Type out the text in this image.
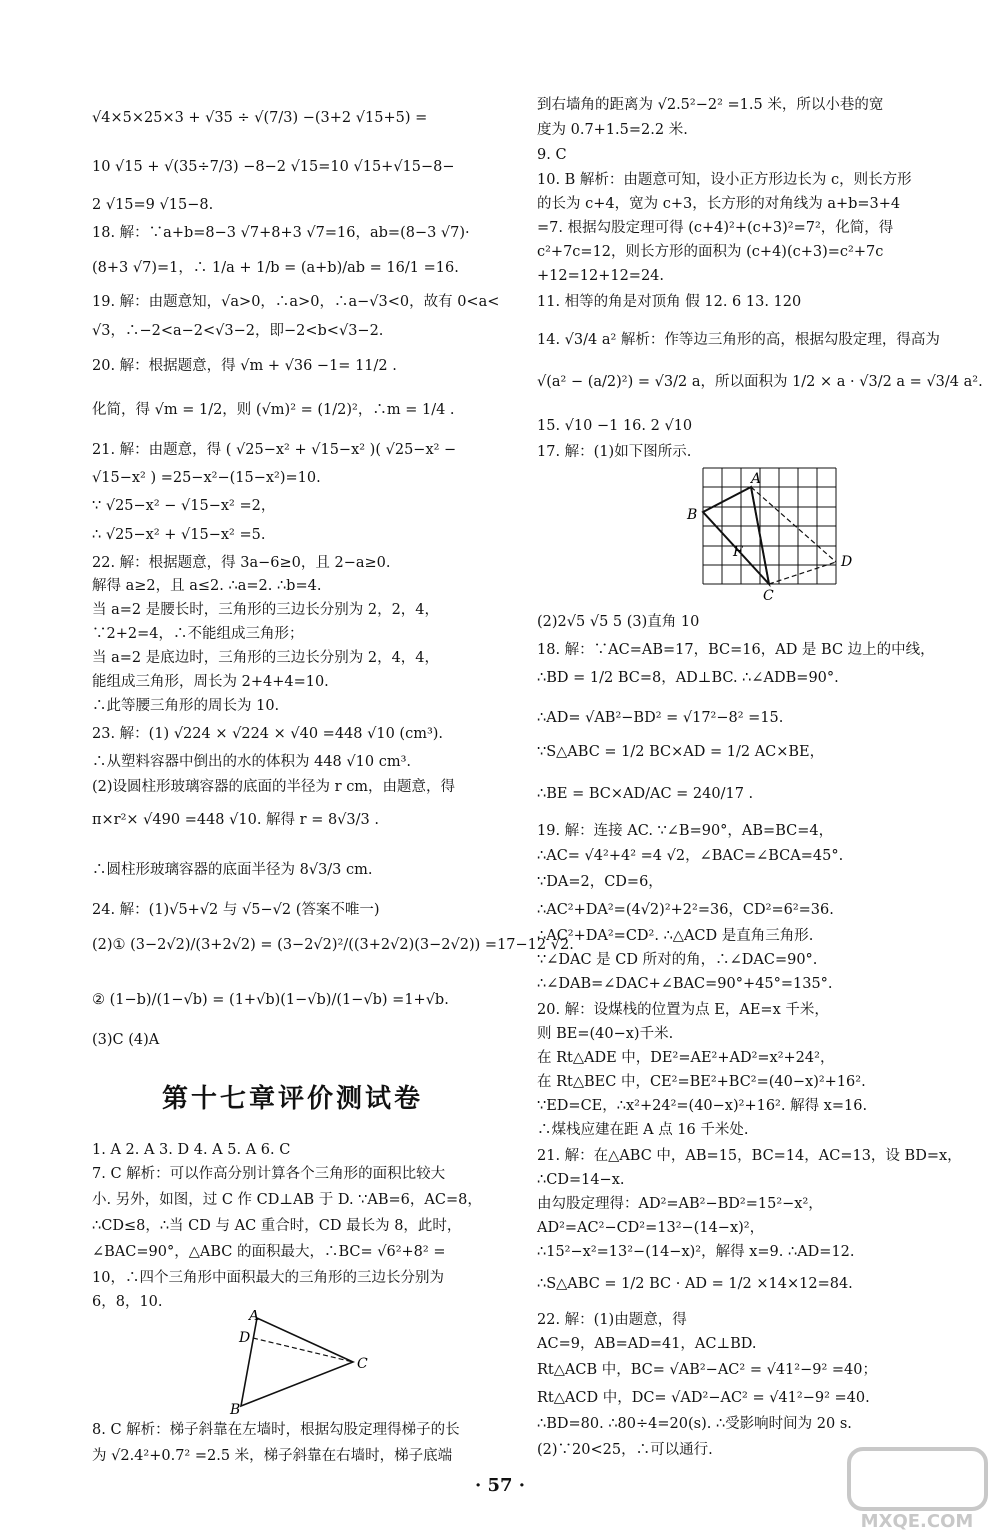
√4×5×25×3 + √35 ÷ √(7/3) −(3+2 √15+5) =
10 √15 + √(35÷7/3) −8−2 √15=10 √15+√15−8−
2 √15=9 √15−8.
18. 解：∵a+b=8−3 √7+8+3 √7=16，ab=(8−3 √7)·
(8+3 √7)=1，∴ 1/a + 1/b = (a+b)/ab = 16/1 =16.
19. 解：由题意知，√a>0，∴a>0，∴a−√3<0，故有 0<a<
√3，∴−2<a−2<√3−2，即−2<b<√3−2.
20. 解：根据题意，得 √m + √36 −1= 11/2 .
化简，得 √m = 1/2，则 (√m)² = (1/2)²，∴m = 1/4 .
21. 解：由题意，得 ( √25−x² + √15−x² )( √25−x² −
√15−x² ) =25−x²−(15−x²)=10.
∵ √25−x² − √15−x² =2，
∴ √25−x² + √15−x² =5.
22. 解：根据题意，得 3a−6≥0，且 2−a≥0.
解得 a≥2，且 a≤2. ∴a=2. ∴b=4.
当 a=2 是腰长时，三角形的三边长分别为 2，2，4，
∵2+2=4，∴不能组成三角形；
当 a=2 是底边时，三角形的三边长分别为 2，4，4，
能组成三角形，周长为 2+4+4=10.
∴此等腰三角形的周长为 10.
23. 解：(1) √224 × √224 × √40 =448 √10 (cm³).
∴从塑料容器中倒出的水的体积为 448 √10 cm³.
(2)设圆柱形玻璃容器的底面的半径为 r cm，由题意，得
π×r²× √490 =448 √10. 解得 r = 8√3/3 .
∴圆柱形玻璃容器的底面半径为 8√3/3 cm.
24. 解：(1)√5+√2 与 √5−√2 (答案不唯一)
(2)① (3−2√2)/(3+2√2) = (3−2√2)²/((3+2√2)(3−2√2)) =17−12 √2.
② (1−b)/(1−√b) = (1+√b)(1−√b)/(1−√b) =1+√b.
(3)C (4)A
第十七章评价测试卷
1. A 2. A 3. D 4. A 5. A 6. C
7. C 解析：可以作高分别计算各个三角形的面积比较大
小. 另外，如图，过 C 作 CD⊥AB 于 D. ∵AB=6，AC=8，
∴CD≤8，∴当 CD 与 AC 重合时，CD 最长为 8，此时，
∠BAC=90°，△ABC 的面积最大，∴BC= √6²+8² =
10，∴四个三角形中面积最大的三角形的三边长分别为
6，8，10.
A
D
C
B
8. C 解析：梯子斜靠在左墙时，根据勾股定理得梯子的长
为 √2.4²+0.7² =2.5 米，梯子斜靠在右墙时，梯子底端
到右墙角的距离为 √2.5²−2² =1.5 米，所以小巷的宽
度为 0.7+1.5=2.2 米.
9. C
10. B 解析：由题意可知，设小正方形边长为 c，则长方形
的长为 c+4，宽为 c+3，长方形的对角线为 a+b=3+4
=7. 根据勾股定理可得 (c+4)²+(c+3)²=7²，化简，得
c²+7c=12，则长方形的面积为 (c+4)(c+3)=c²+7c
+12=12+12=24.
11. 相等的角是对顶角 假 12. 6 13. 120
14. √3/4 a² 解析：作等边三角形的高，根据勾股定理，得高为
√(a² − (a/2)²) = √3/2 a，所以面积为 1/2 × a · √3/2 a = √3/4 a².
15. √10 −1 16. 2 √10
17. 解：(1)如下图所示.
A
B
F
D
C
(2)2√5 √5 5 (3)直角 10
18. 解：∵AC=AB=17，BC=16，AD 是 BC 边上的中线，
∴BD = 1/2 BC=8，AD⊥BC. ∴∠ADB=90°.
∴AD= √AB²−BD² = √17²−8² =15.
∵S△ABC = 1/2 BC×AD = 1/2 AC×BE，
∴BE = BC×AD/AC = 240/17 .
19. 解：连接 AC. ∵∠B=90°，AB=BC=4，
∴AC= √4²+4² =4 √2，∠BAC=∠BCA=45°.
∵DA=2，CD=6，
∴AC²+DA²=(4√2)²+2²=36，CD²=6²=36.
∴AC²+DA²=CD². ∴△ACD 是直角三角形.
∵∠DAC 是 CD 所对的角，∴∠DAC=90°.
∴∠DAB=∠DAC+∠BAC=90°+45°=135°.
20. 解：设煤栈的位置为点 E，AE=x 千米，
则 BE=(40−x)千米.
在 Rt△ADE 中，DE²=AE²+AD²=x²+24²，
在 Rt△BEC 中，CE²=BE²+BC²=(40−x)²+16².
∵ED=CE，∴x²+24²=(40−x)²+16². 解得 x=16.
∴煤栈应建在距 A 点 16 千米处.
21. 解：在△ABC 中，AB=15，BC=14，AC=13，设 BD=x，
∴CD=14−x.
由勾股定理得：AD²=AB²−BD²=15²−x²，
AD²=AC²−CD²=13²−(14−x)²，
∴15²−x²=13²−(14−x)²，解得 x=9. ∴AD=12.
∴S△ABC = 1/2 BC · AD = 1/2 ×14×12=84.
22. 解：(1)由题意，得
AC=9，AB=AD=41，AC⊥BD.
Rt△ACB 中，BC= √AB²−AC² = √41²−9² =40；
Rt△ACD 中，DC= √AD²−AC² = √41²−9² =40.
∴BD=80. ∴80÷4=20(s). ∴受影响时间为 20 s.
(2)∵20<25，∴可以通行.
· 57 ·
MXQE.COM
